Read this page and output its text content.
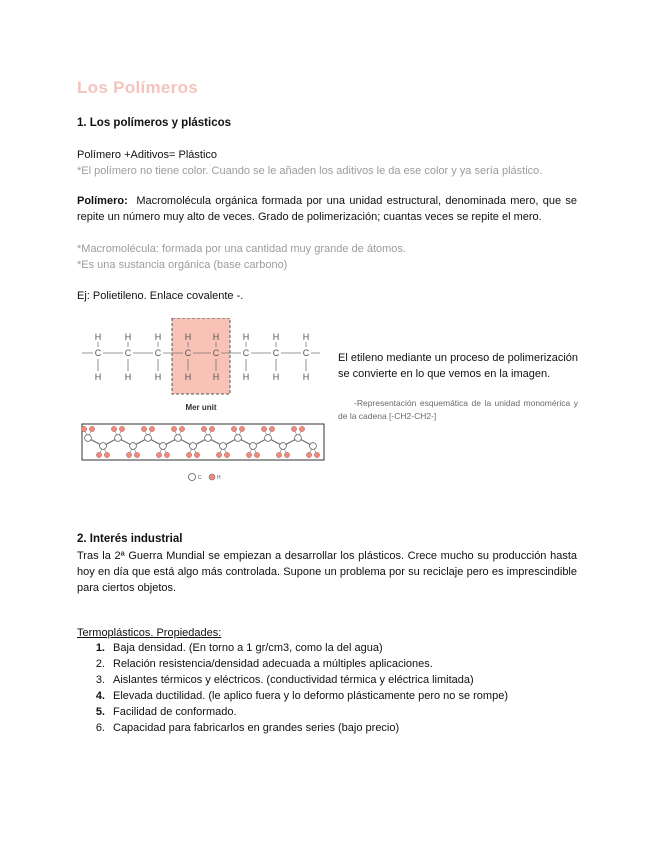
Los Polímeros
1. Los polímeros y plásticos
Polímero +Aditivos= Plástico
*El polímero no tiene color. Cuando se le añaden los aditivos le da ese color y ya sería plástico.
Polímero: Macromolécula orgánica formada por una unidad estructural, denominada mero, que se repite un número muy alto de veces. Grado de polimerización; cuantas veces se repite el mero.
*Macromolécula: formada por una cantidad muy grande de átomos.
*Es una sustancia orgánica (base carbono)
Ej: Polietileno. Enlace covalente -.
C
H
H
C
H
H
C
H
H
C
H
H
C
H
H
C
H
H
C
H
H
C
H
H
Mer unit
C	H
El etileno mediante un proceso de polimerización se convierte en lo que vemos en la imagen.
-Representación esquemática de la unidad monomérica y de la cadena [-CH2-CH2-]
2. Interés industrial
Tras la 2ª Guerra Mundial se empiezan a desarrollar los plásticos. Crece mucho su producción hasta hoy en día que está algo más controlada. Supone un problema por su reciclaje pero es imprescindible para ciertos objetos.
Termoplásticos. Propiedades:
1. Baja densidad. (En torno a 1 gr/cm3, como la del agua)
2. Relación resistencia/densidad adecuada a múltiples aplicaciones.
3. Aislantes térmicos y eléctricos. (conductividad térmica y eléctrica limitada)
4. Elevada ductilidad. (le aplico fuera y lo deformo plásticamente pero no se rompe)
5. Facilidad de conformado.
6. Capacidad para fabricarlos en grandes series (bajo precio)
